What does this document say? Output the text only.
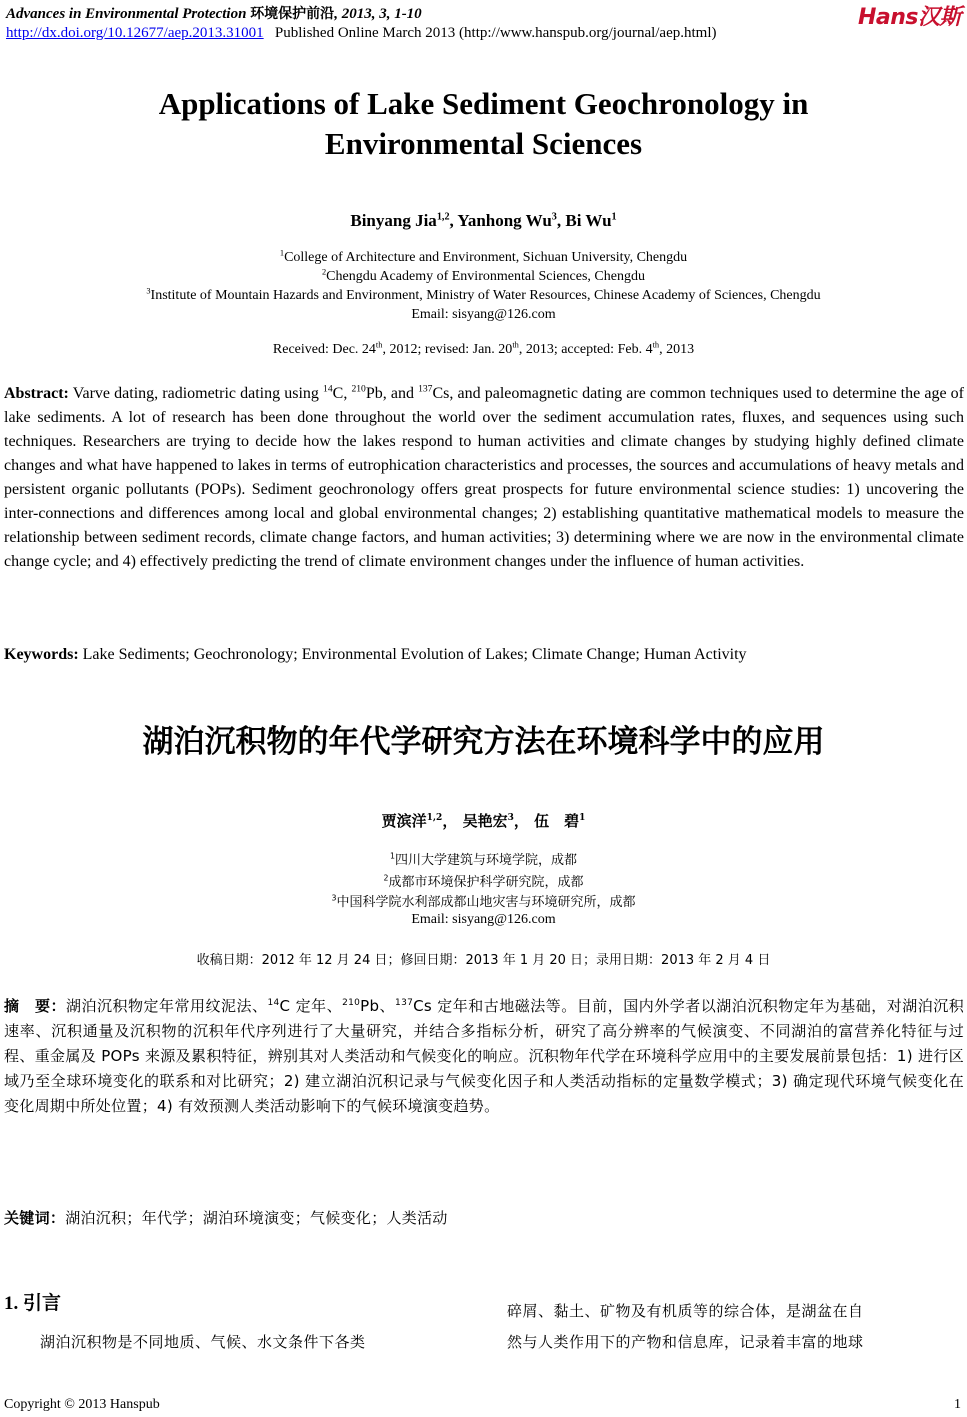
Advances in Environmental Protection 环境保护前沿, 2013, 3, 1-10	Hans汉斯
http://dx.doi.org/10.12677/aep.2013.31001 Published Online March 2013 (http://www.hanspub.org/journal/aep.html)
Applications of Lake Sediment Geochronology in
Environmental Sciences
Binyang Jia$^{1,2}$, Yanhong Wu$^3$, Bi Wu$^1$
$^1$College of Architecture and Environment, Sichuan University, Chengdu
$^2$Chengdu Academy of Environmental Sciences, Chengdu
$^3$Institute of Mountain Hazards and Environment, Ministry of Water Resources, Chinese Academy of Sciences, Chengdu
Email: sisyang@126.com
Received: Dec. 24th, 2012; revised: Jan. 20th, 2013; accepted: Feb. 4th, 2013
Abstract: Varve dating, radiometric dating using $^{14}$C, $^{210}$Pb, and $^{137}$Cs, and paleomagnetic dating are common techniques used to determine the age of lake sediments. A lot of research has been done throughout the world over the sediment accumulation rates, fluxes, and sequences using such techniques. Researchers are trying to decide how the lakes respond to human activities and climate changes by studying highly defined climate changes and what have happened to lakes in terms of eutrophication characteristics and processes, the sources and accumulations of heavy metals and persistent organic pollutants (POPs). Sediment geochronology offers great prospects for future environmental science studies: 1) uncovering the inter-connections and differences among local and global environmental changes; 2) establishing quantitative mathematical models to measure the relationship between sediment records, climate change factors, and human activities; 3) determining where we are now in the environmental climate change cycle; and 4) effectively predicting the trend of climate environment changes under the influence of human activities.
Keywords: Lake Sediments; Geochronology; Environmental Evolution of Lakes; Climate Change; Human Activity
湖泊沉积物的年代学研究方法在环境科学中的应用
贾滨洋$^{1,2}$， 吴艳宏$^3$， 伍　碧$^1$
$^1$四川大学建筑与环境学院，成都
$^2$成都市环境保护科学研究院，成都
$^3$中国科学院水利部成都山地灾害与环境研究所，成都
Email: sisyang@126.com
收稿日期：2012 年 12 月 24 日；修回日期：2013 年 1 月 20 日；录用日期：2013 年 2 月 4 日
摘　要：湖泊沉积物定年常用纹泥法、$^{14}$C 定年、$^{210}$Pb、$^{137}$Cs 定年和古地磁法等。目前，国内外学者以湖泊沉积物定年为基础，对湖泊沉积速率、沉积通量及沉积物的沉积年代序列进行了大量研究，并结合多指标分析，研究了高分辨率的气候演变、不同湖泊的富营养化特征与过程、重金属及 POPs 来源及累积特征，辨别其对人类活动和气候变化的响应。沉积物年代学在环境科学应用中的主要发展前景包括：1) 进行区域乃至全球环境变化的联系和对比研究；2) 建立湖泊沉积记录与气候变化因子和人类活动指标的定量数学模式；3) 确定现代环境气候变化在变化周期中所处位置；4) 有效预测人类活动影响下的气候环境演变趋势。
关键词：湖泊沉积；年代学；湖泊环境演变；气候变化；人类活动
1. 引言
湖泊沉积物是不同地质、气候、水文条件下各类
碎屑、黏土、矿物及有机质等的综合体，是湖盆在自
然与人类作用下的产物和信息库，记录着丰富的地球
Copyright © 2013 Hanspub	1
